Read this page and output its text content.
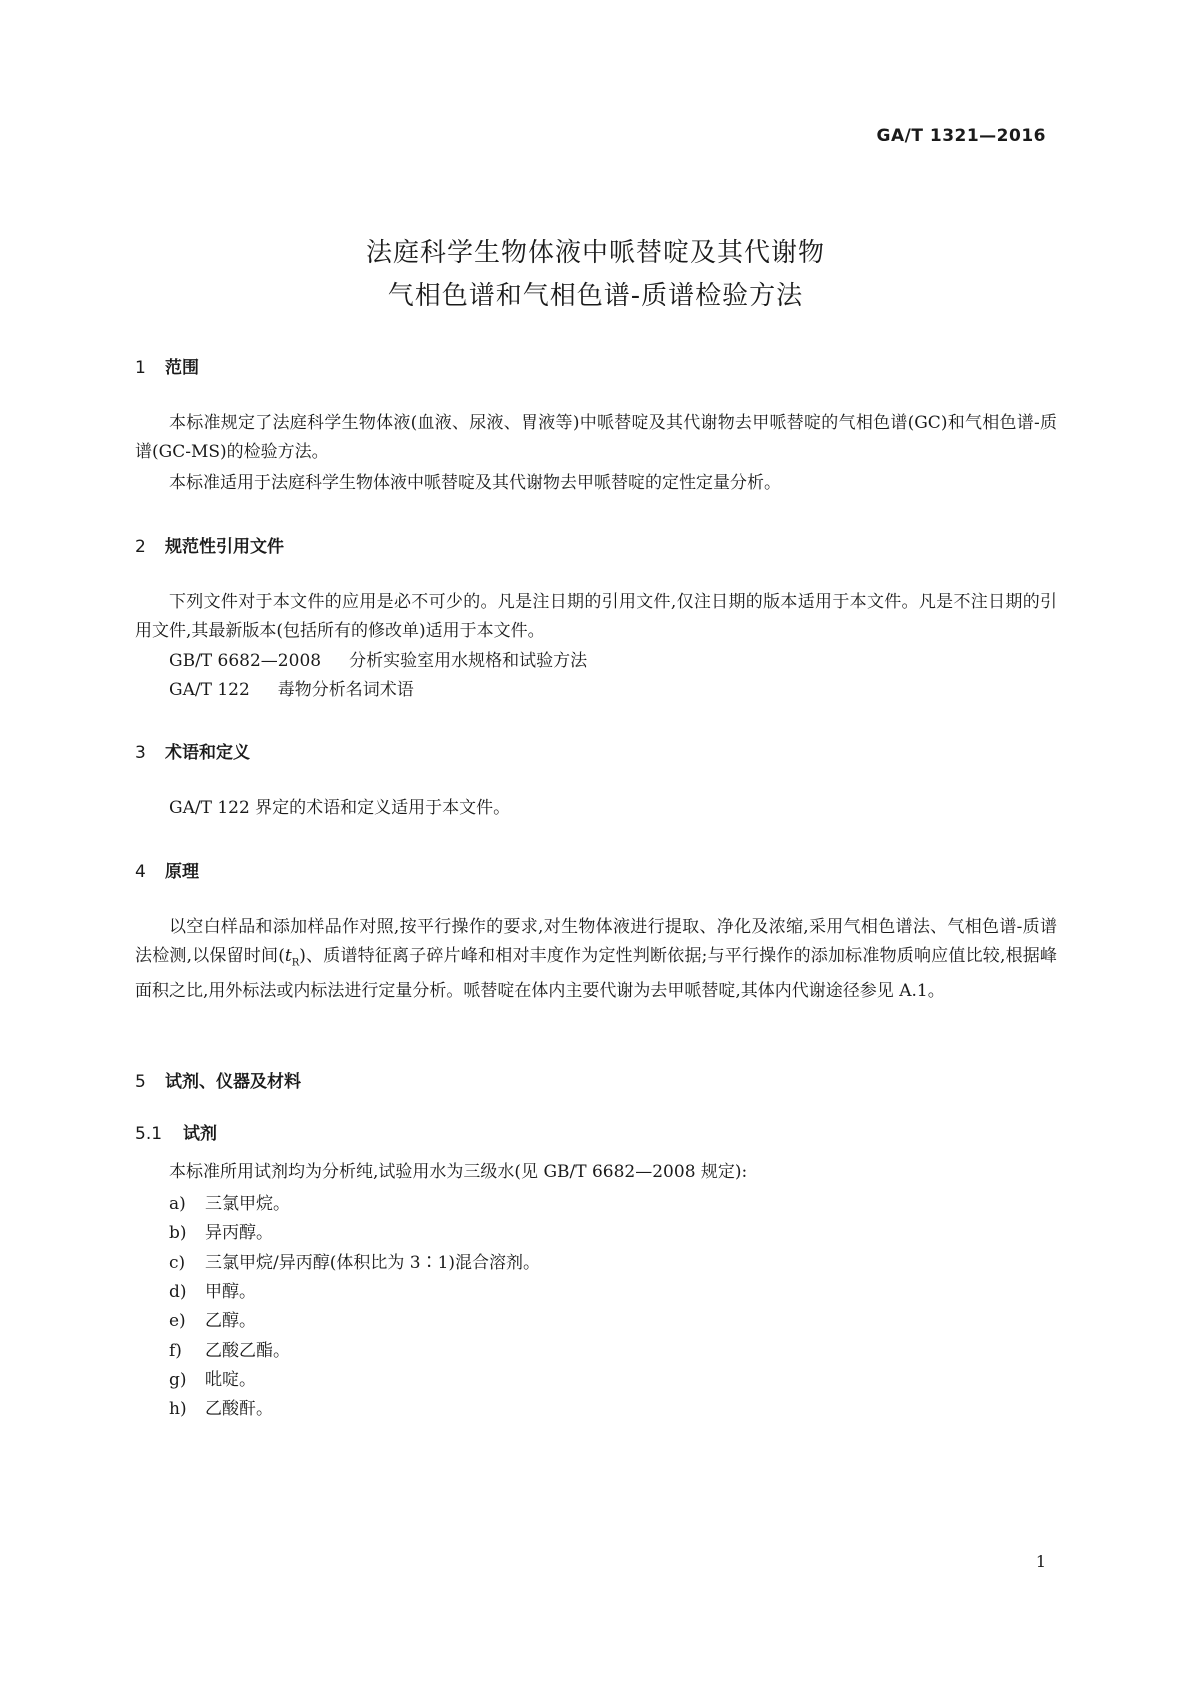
GA/T 1321—2016
法庭科学生物体液中哌替啶及其代谢物
气相色谱和气相色谱-质谱检验方法
1 范围

本标准规定了法庭科学生物体液(血液、尿液、胃液等)中哌替啶及其代谢物去甲哌替啶的气相色谱(GC)和气相色谱-质谱(GC-MS)的检验方法。

本标准适用于法庭科学生物体液中哌替啶及其代谢物去甲哌替啶的定性定量分析。

2 规范性引用文件

下列文件对于本文件的应用是必不可少的。凡是注日期的引用文件,仅注日期的版本适用于本文件。凡是不注日期的引用文件,其最新版本(包括所有的修改单)适用于本文件。

GB/T 6682—2008 分析实验室用水规格和试验方法

GA/T 122 毒物分析名词术语

3 术语和定义

GA/T 122 界定的术语和定义适用于本文件。

4 原理

以空白样品和添加样品作对照,按平行操作的要求,对生物体液进行提取、净化及浓缩,采用气相色谱法、气相色谱-质谱法检测,以保留时间$(t_R)$、质谱特征离子碎片峰和相对丰度作为定性判断依据;与平行操作的添加标准物质响应值比较,根据峰面积之比,用外标法或内标法进行定量分析。哌替啶在体内主要代谢为去甲哌替啶,其体内代谢途径参见 A.1。

5 试剂、仪器及材料
5.1 试剂

本标准所用试剂均为分析纯,试验用水为三级水(见 GB/T 6682—2008 规定):

a) 三氯甲烷。

b) 异丙醇。

c) 三氯甲烷/异丙醇(体积比为 3∶1)混合溶剂。

d) 甲醇。

e) 乙醇。

f) 乙酸乙酯。

g) 吡啶。

h) 乙酸酐。

1
